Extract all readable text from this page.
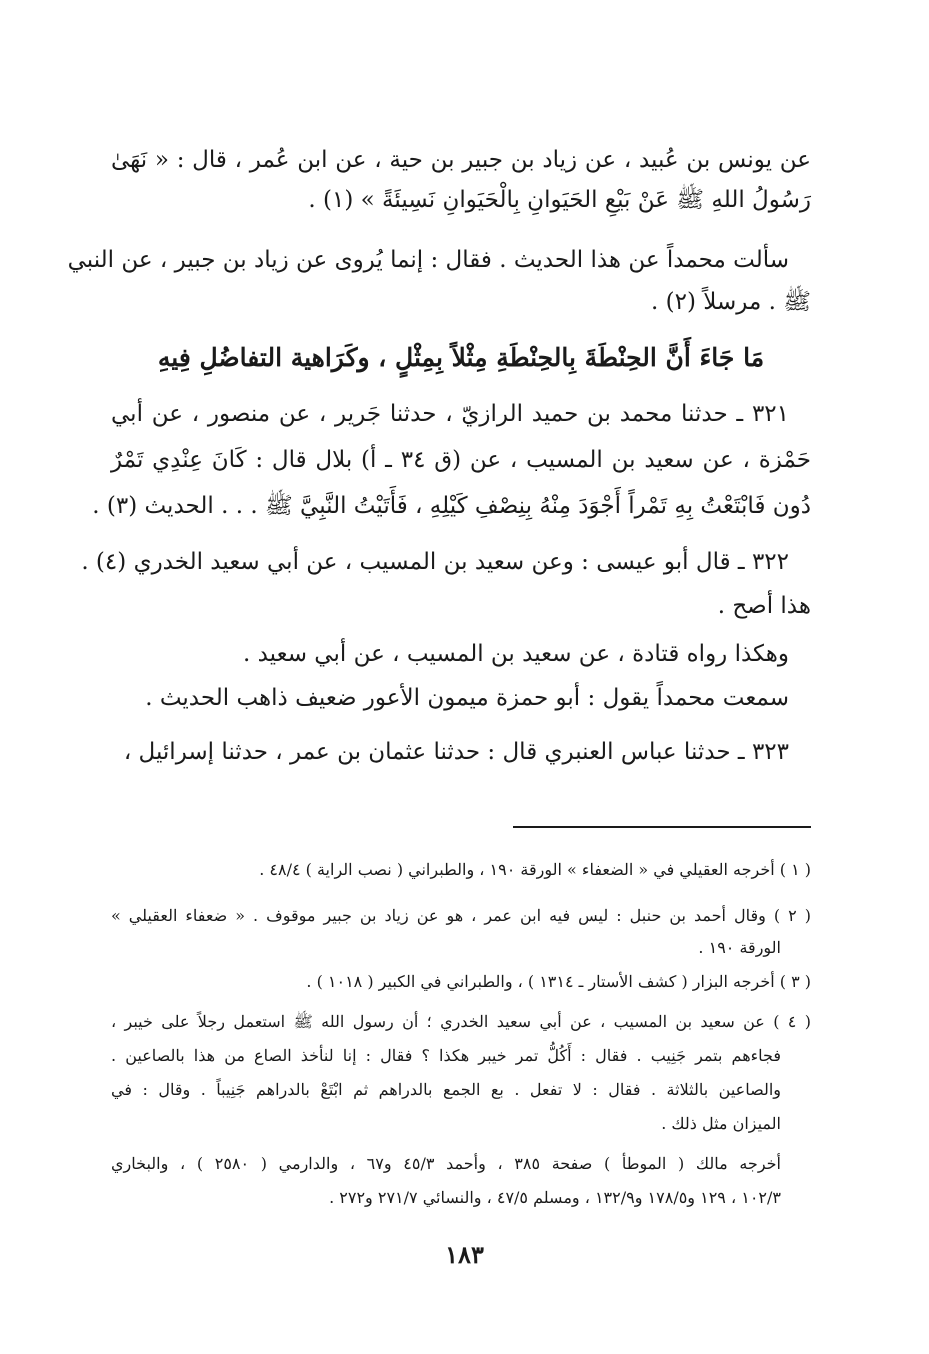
عن يونس بن عُبيد ، عن زياد بن جبير بن حية ، عن ابن عُمر ، قال : « نَهَىٰ
رَسُولُ اللهِ ﷺ عَنْ بَيْعِ الحَيَوانِ بِالْحَيَوانِ نَسِيئَةً » (١) .
سألت محمداً عن هذا الحديث . فقال : إنما يُروى عن زياد بن جبير ، عن النبي
ﷺ . مرسلاً (٢) .
مَا جَاءَ أَنَّ الحِنْطَةَ بِالحِنْطَةِ مِثْلاً بِمِثْلٍ ، وكَرَاهية التفاضُلِ فِيهِ
٣٢١ ـ حدثنا محمد بن حميد الرازيّ ، حدثنا جَرير ، عن منصور ، عن أبي
حَمْزة ، عن سعيد بن المسيب ، عن (ق ٣٤ ـ أ) بلال قال : كَانَ عِنْدِي تَمْرٌ
دُون فَابْتَعْتُ بِهِ تَمْراً أَجْوَدَ مِنْهُ بِنِصْفِ كَيْلِهِ ، فَأَتَيْتُ النَّبِيَّ ﷺ . . . الحديث (٣) .
٣٢٢ ـ قال أبو عيسى : وعن سعيد بن المسيب ، عن أبي سعيد الخدري (٤) .
هذا أصح .
وهكذا رواه قتادة ، عن سعيد بن المسيب ، عن أبي سعيد .
سمعت محمداً يقول : أبو حمزة ميمون الأعور ضعيف ذاهب الحديث .
٣٢٣ ـ حدثنا عباس العنبري قال : حدثنا عثمان بن عمر ، حدثنا إسرائيل ،
( ١ ) أخرجه العقيلي في « الضعفاء » الورقة ١٩٠ ، والطبراني ( نصب الراية ) ٤٨/٤ .
( ٢ ) وقال أحمد بن حنبل : ليس فيه ابن عمر ، هو عن زياد بن جبير موقوف . « ضعفاء العقيلي »
الورقة ١٩٠ .
( ٣ ) أخرجه البزار ( كشف الأستار ـ ١٣١٤ ) ، والطبراني في الكبير ( ١٠١٨ ) .
( ٤ ) عن سعيد بن المسيب ، عن أبي سعيد الخدري ؛ أن رسول الله ﷺ استعمل رجلاً على خيبر ،
فجاءهم بتمر جَنِيب . فقال : أَكُلُّ تمر خيبر هكذا ؟ فقال : إنا لنأخذ الصاع من هذا بالصاعين .
والصاعين بالثلاثة . فقال : لا تفعل . بع الجمع بالدراهم ثم ابْتَعْ بالدراهم جَنِيباً . وقال : في
الميزان مثل ذلك .
أخرجه مالك ( الموطأ ) صفحة ٣٨٥ ، وأحمد ٤٥/٣ و٦٧ ، والدارمي ( ٢٥٨٠ ) ، والبخاري
١٠٢/٣ ، ١٢٩ و١٧٨/٥ و١٣٢/٩ ، ومسلم ٤٧/٥ ، والنسائي ٢٧١/٧ و٢٧٢ .
١٨٣
